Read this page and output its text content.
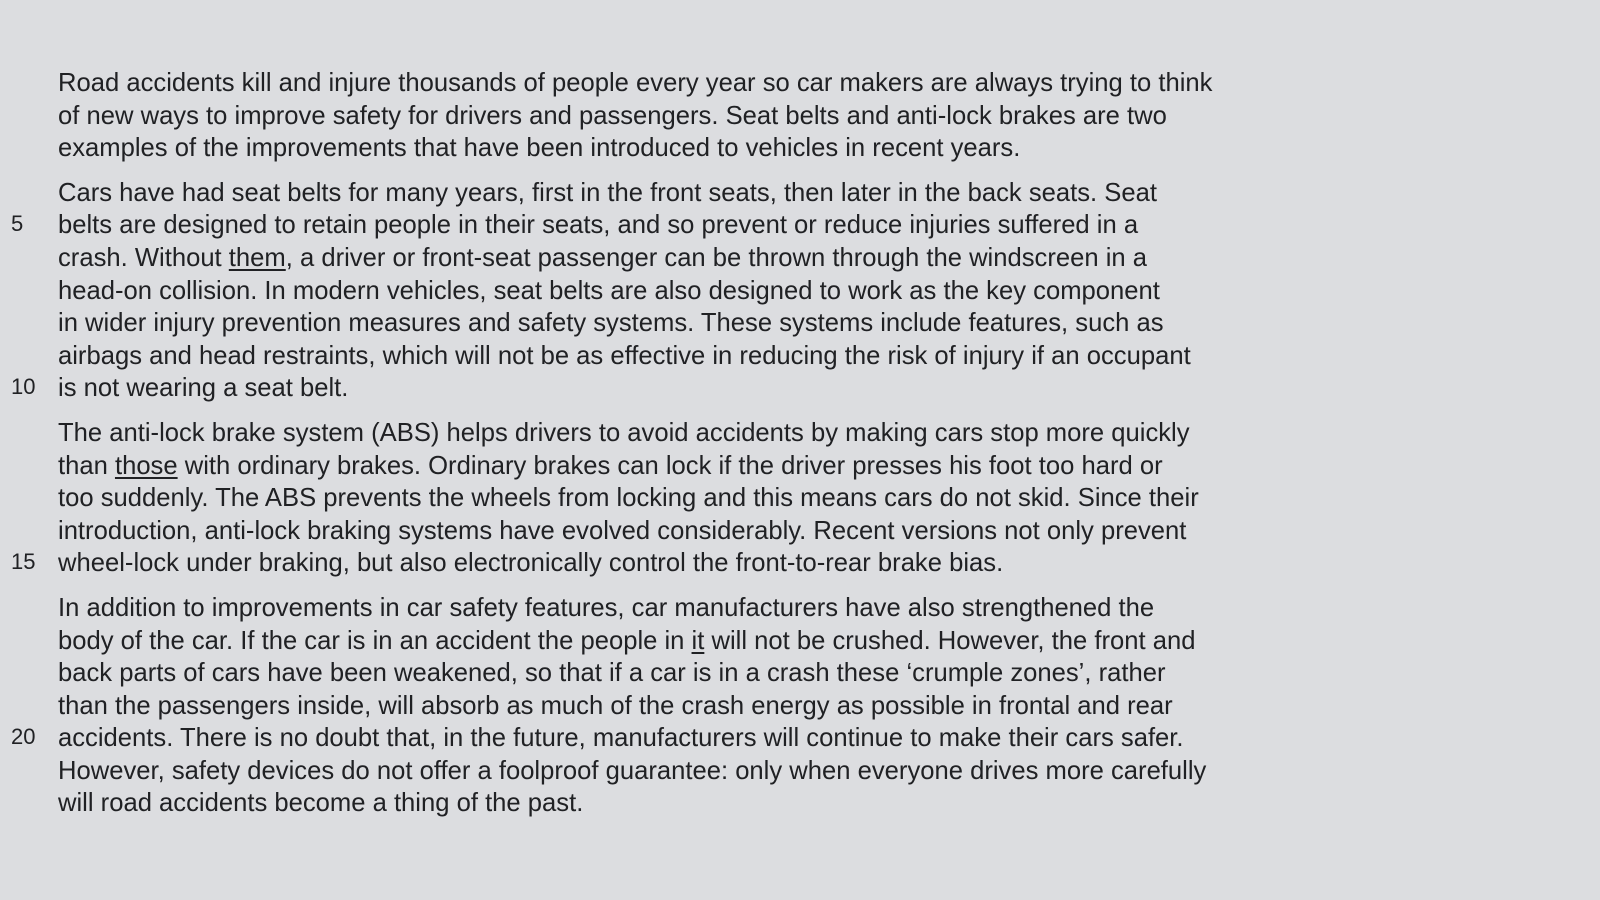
Road accidents kill and injure thousands of people every year so car makers are always trying to think
of new ways to improve safety for drivers and passengers. Seat belts and anti-lock brakes are two
examples of the improvements that have been introduced to vehicles in recent years.
Cars have had seat belts for many years, first in the front seats, then later in the back seats. Seat
5 belts are designed to retain people in their seats, and so prevent or reduce injuries suffered in a
crash. Without them, a driver or front-seat passenger can be thrown through the windscreen in a
head-on collision. In modern vehicles, seat belts are also designed to work as the key component
in wider injury prevention measures and safety systems. These systems include features, such as
airbags and head restraints, which will not be as effective in reducing the risk of injury if an occupant
10 is not wearing a seat belt.
The anti-lock brake system (ABS) helps drivers to avoid accidents by making cars stop more quickly
than those with ordinary brakes. Ordinary brakes can lock if the driver presses his foot too hard or
too suddenly. The ABS prevents the wheels from locking and this means cars do not skid. Since their
introduction, anti-lock braking systems have evolved considerably. Recent versions not only prevent
15 wheel-lock under braking, but also electronically control the front-to-rear brake bias.
In addition to improvements in car safety features, car manufacturers have also strengthened the
body of the car. If the car is in an accident the people in it will not be crushed. However, the front and
back parts of cars have been weakened, so that if a car is in a crash these ‘crumple zones’, rather
than the passengers inside, will absorb as much of the crash energy as possible in frontal and rear
20 accidents. There is no doubt that, in the future, manufacturers will continue to make their cars safer.
However, safety devices do not offer a foolproof guarantee: only when everyone drives more carefully
will road accidents become a thing of the past.
